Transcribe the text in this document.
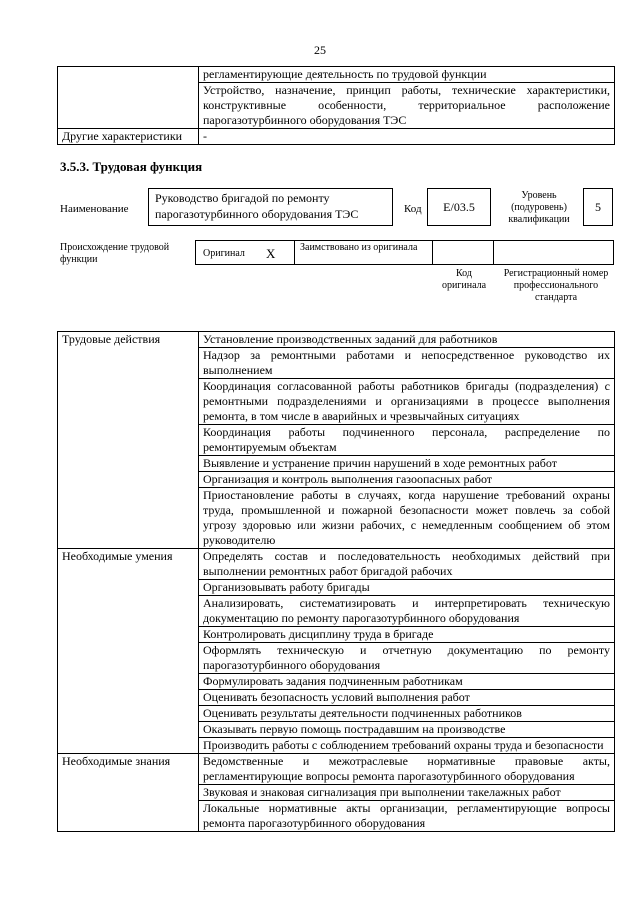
25
	регламентирующие деятельность по трудовой функции
	Устройство, назначение, принцип работы, технические характеристики, конструктивные особенности, территориальное расположение парогазотурбинного оборудования ТЭС
Другие характеристики	-
3.5.3. Трудовая функция
Наименование
Руководство бригадой по ремонту парогазотурбинного оборудования ТЭС	Код	E/03.5
Уровень (подуровень) квалификации
5
Происхождение трудовой функции
Оригинал X Заимствовано из оригинала
Код оригинала
Регистрационный номер профессионального стандарта
Трудовые действия	Установление производственных заданий для работников
	Надзор за ремонтными работами и непосредственное руководство их выполнением
	Координация согласованной работы работников бригады (подразделения) с ремонтными подразделениями и организациями в процессе выполнения ремонта, в том числе в аварийных и чрезвычайных ситуациях
	Координация работы подчиненного персонала, распределение по ремонтируемым объектам
	Выявление и устранение причин нарушений в ходе ремонтных работ
	Организация и контроль выполнения газоопасных работ
	Приостановление работы в случаях, когда нарушение требований охраны труда, промышленной и пожарной безопасности может повлечь за собой угрозу здоровью или жизни рабочих, с немедленным сообщением об этом руководителю
Необходимые умения	Определять состав и последовательность необходимых действий при выполнении ремонтных работ бригадой рабочих
	Организовывать работу бригады
	Анализировать, систематизировать и интерпретировать техническую документацию по ремонту парогазотурбинного оборудования
	Контролировать дисциплину труда в бригаде
	Оформлять техническую и отчетную документацию по ремонту парогазотурбинного оборудования
	Формулировать задания подчиненным работникам
	Оценивать безопасность условий выполнения работ
	Оценивать результаты деятельности подчиненных работников
	Оказывать первую помощь пострадавшим на производстве
	Производить работы с соблюдением требований охраны труда и безопасности
Необходимые знания	Ведомственные и межотраслевые нормативные правовые акты, регламентирующие вопросы ремонта парогазотурбинного оборудования
	Звуковая и знаковая сигнализация при выполнении такелажных работ
	Локальные нормативные акты организации, регламентирующие вопросы ремонта парогазотурбинного оборудования
